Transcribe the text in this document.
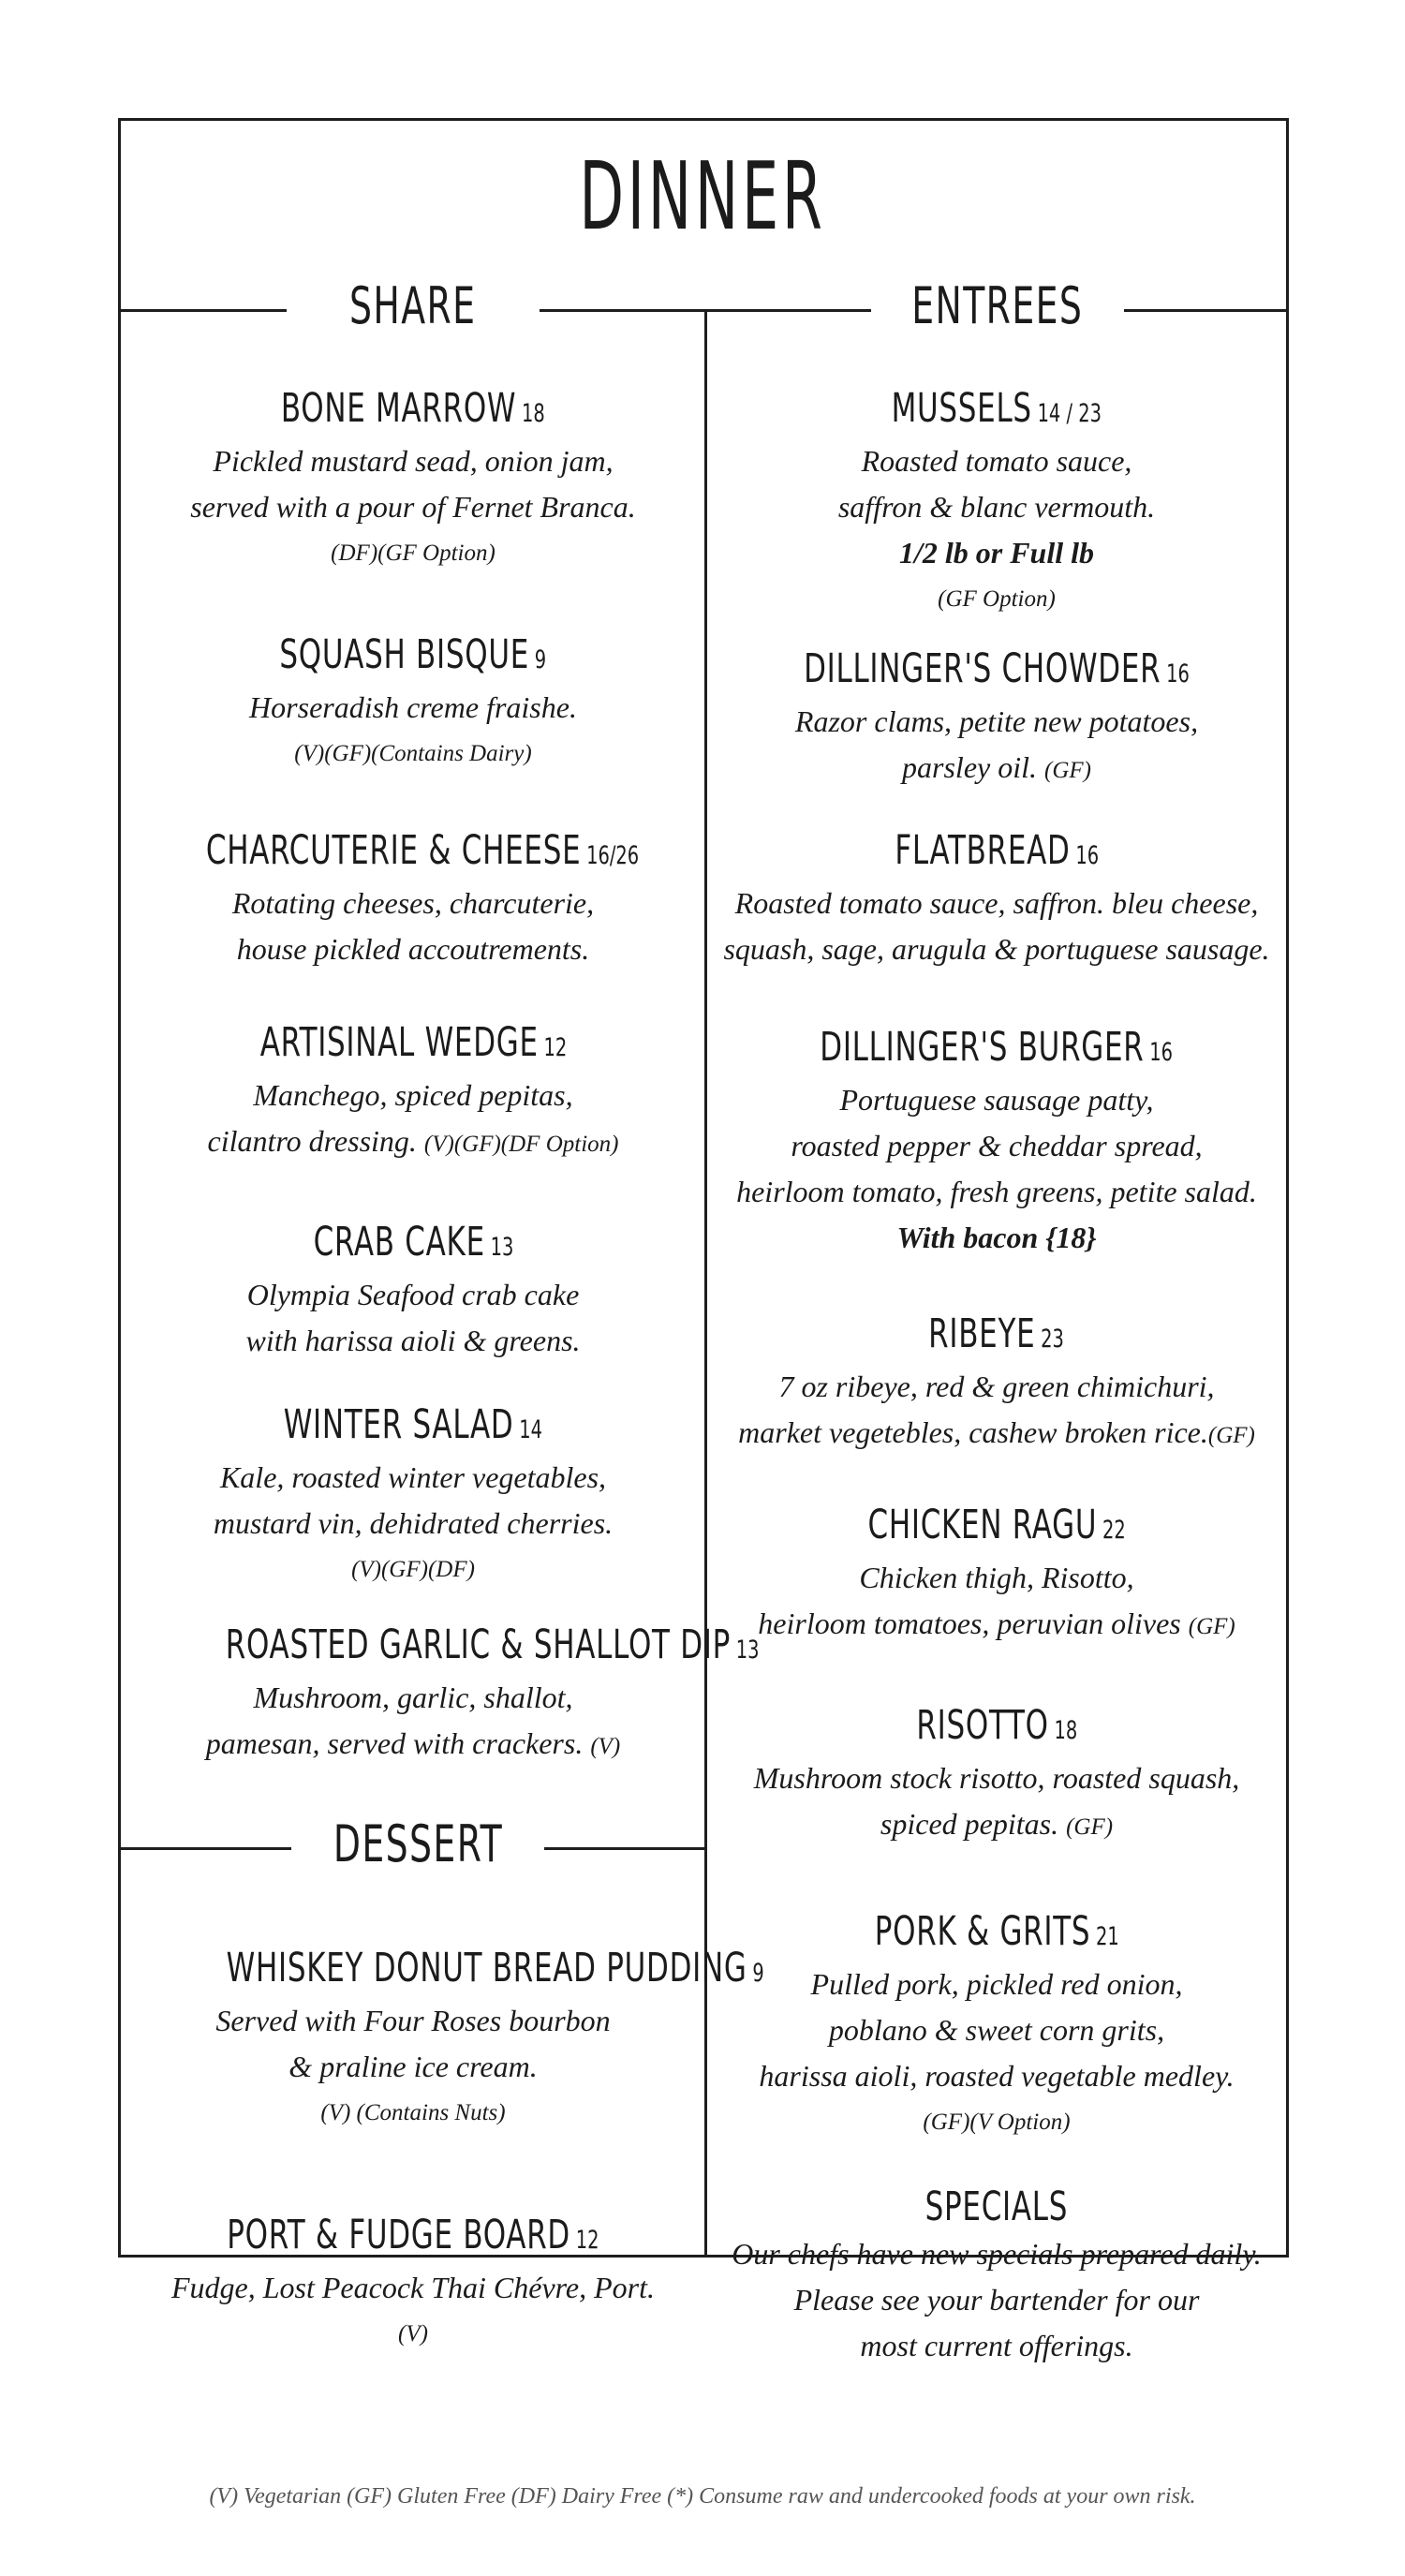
DINNER
SHARE	ENTREES
DESSERT
BONE MARROW 18
Pickled mustard sead, onion jam,
served with a pour of Fernet Branca.
(DF)(GF Option)
SQUASH BISQUE 9
Horseradish creme fraishe.
(V)(GF)(Contains Dairy)
CHARCUTERIE & CHEESE 16/26
Rotating cheeses, charcuterie,
house pickled accoutrements.
ARTISINAL WEDGE 12
Manchego, spiced pepitas,
cilantro dressing. (V)(GF)(DF Option)
CRAB CAKE 13
Olympia Seafood crab cake
with harissa aioli & greens.
WINTER SALAD 14
Kale, roasted winter vegetables,
mustard vin, dehidrated cherries.
(V)(GF)(DF)
ROASTED GARLIC & SHALLOT DIP 13
Mushroom, garlic, shallot,
pamesan, served with crackers. (V)
WHISKEY DONUT BREAD PUDDING 9
Served with Four Roses bourbon
& praline ice cream.
(V) (Contains Nuts)
PORT & FUDGE BOARD 12
Fudge, Lost Peacock Thai Chévre, Port.
(V)
MUSSELS 14 / 23
Roasted tomato sauce,
saffron & blanc vermouth.
1/2 lb or Full lb
(GF Option)
DILLINGER'S CHOWDER 16
Razor clams, petite new potatoes,
parsley oil. (GF)
FLATBREAD 16
Roasted tomato sauce, saffron. bleu cheese,
squash, sage, arugula & portuguese sausage.
DILLINGER'S BURGER 16
Portuguese sausage patty,
roasted pepper & cheddar spread,
heirloom tomato, fresh greens, petite salad.
With bacon {18}
RIBEYE 23
7 oz ribeye, red & green chimichuri,
market vegetebles, cashew broken rice.(GF)
CHICKEN RAGU 22
Chicken thigh, Risotto,
heirloom tomatoes, peruvian olives (GF)
RISOTTO 18
Mushroom stock risotto, roasted squash,
spiced pepitas. (GF)
PORK & GRITS 21
Pulled pork, pickled red onion,
poblano & sweet corn grits,
harissa aioli, roasted vegetable medley.
(GF)(V Option)
SPECIALS
Our chefs have new specials prepared daily.
Please see your bartender for our
most current offerings.
(V) Vegetarian (GF) Gluten Free (DF) Dairy Free (*) Consume raw and undercooked foods at your own risk.
